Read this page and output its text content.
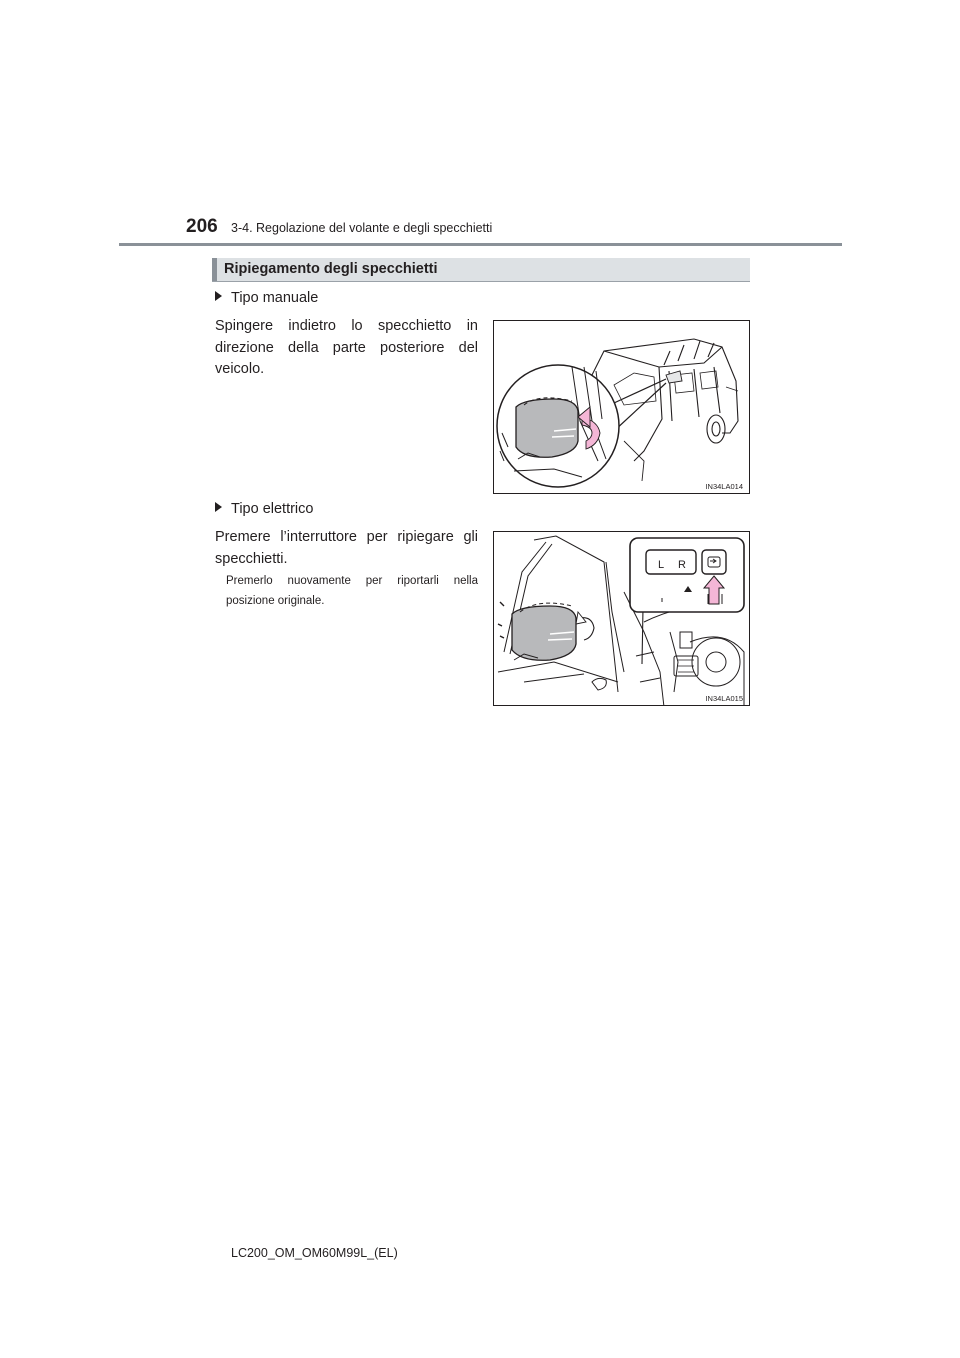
206 3-4. Regolazione del volante e degli specchietti
Ripiegamento degli specchietti
Tipo manuale
Spingere indietro lo specchietto in direzione della parte posteriore del veicolo.
IN34LA014
Tipo elettrico
Premere l’interruttore per ripiegare gli specchietti.
Premerlo nuovamente per riportarli nella posizione originale.
L R
IN34LA015
LC200_OM_OM60M99L_(EL)
